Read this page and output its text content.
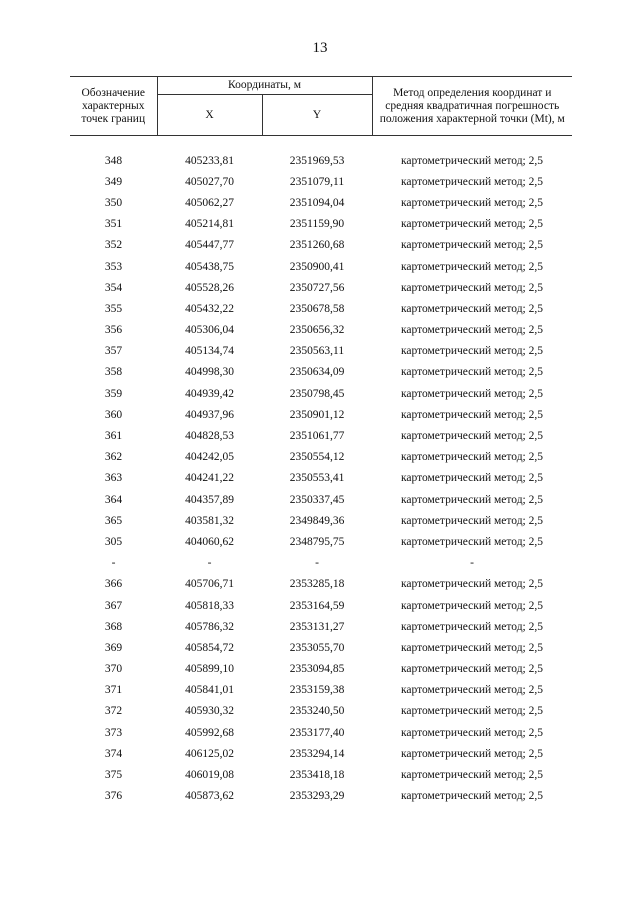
13
Обозначение характерных точек границ	Координаты, м		Метод определения координат и средняя квадратичная погрешность положения характерной точки (Mt), м
	X	Y	
348	405233,81	2351969,53	картометрический метод; 2,5
349	405027,70	2351079,11	картометрический метод; 2,5
350	405062,27	2351094,04	картометрический метод; 2,5
351	405214,81	2351159,90	картометрический метод; 2,5
352	405447,77	2351260,68	картометрический метод; 2,5
353	405438,75	2350900,41	картометрический метод; 2,5
354	405528,26	2350727,56	картометрический метод; 2,5
355	405432,22	2350678,58	картометрический метод; 2,5
356	405306,04	2350656,32	картометрический метод; 2,5
357	405134,74	2350563,11	картометрический метод; 2,5
358	404998,30	2350634,09	картометрический метод; 2,5
359	404939,42	2350798,45	картометрический метод; 2,5
360	404937,96	2350901,12	картометрический метод; 2,5
361	404828,53	2351061,77	картометрический метод; 2,5
362	404242,05	2350554,12	картометрический метод; 2,5
363	404241,22	2350553,41	картометрический метод; 2,5
364	404357,89	2350337,45	картометрический метод; 2,5
365	403581,32	2349849,36	картометрический метод; 2,5
305	404060,62	2348795,75	картометрический метод; 2,5
-	-	-	-
366	405706,71	2353285,18	картометрический метод; 2,5
367	405818,33	2353164,59	картометрический метод; 2,5
368	405786,32	2353131,27	картометрический метод; 2,5
369	405854,72	2353055,70	картометрический метод; 2,5
370	405899,10	2353094,85	картометрический метод; 2,5
371	405841,01	2353159,38	картометрический метод; 2,5
372	405930,32	2353240,50	картометрический метод; 2,5
373	405992,68	2353177,40	картометрический метод; 2,5
374	406125,02	2353294,14	картометрический метод; 2,5
375	406019,08	2353418,18	картометрический метод; 2,5
376	405873,62	2353293,29	картометрический метод; 2,5
